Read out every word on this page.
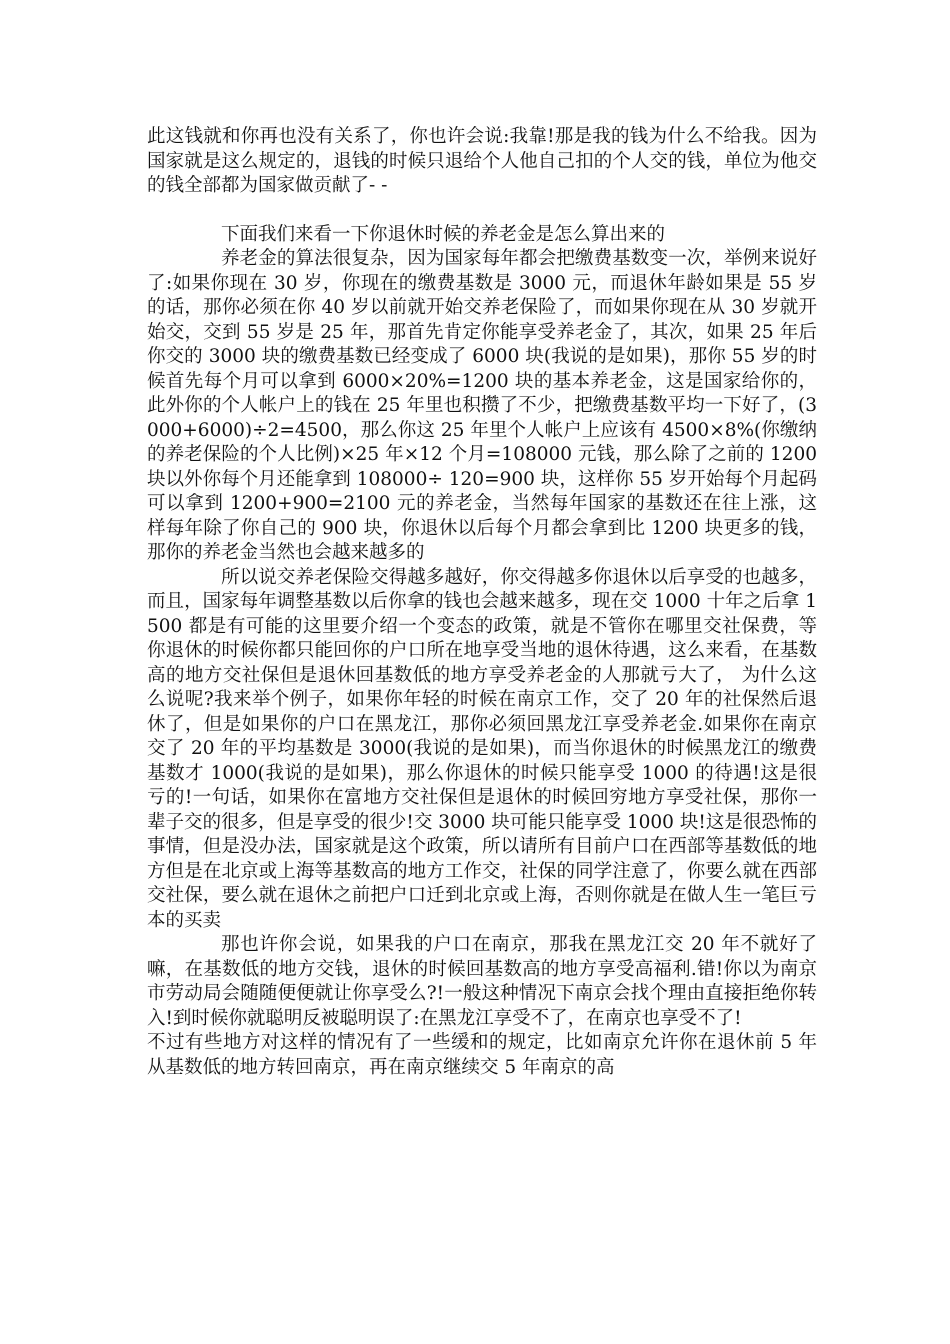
此这钱就和你再也没有关系了，你也许会说:我靠!那是我的钱为什么不给我。因为国家就是这么规定的，退钱的时候只退给个人他自己扣的个人交的钱，单位为他交的钱全部都为国家做贡献了- -

下面我们来看一下你退休时候的养老金是怎么算出来的

养老金的算法很复杂，因为国家每年都会把缴费基数变一次，举例来说好了:如果你现在 30 岁，你现在的缴费基数是 3000 元，而退休年龄如果是 55 岁的话，那你必须在你 40 岁以前就开始交养老保险了，而如果你现在从 30 岁就开始交，交到 55 岁是 25 年，那首先肯定你能享受养老金了，其次，如果 25 年后你交的 3000 块的缴费基数已经变成了 6000 块(我说的是如果)，那你 55 岁的时候首先每个月可以拿到 6000×20%=1200 块的基本养老金，这是国家给你的，此外你的个人帐户上的钱在 25 年里也积攒了不少，把缴费基数平均一下好了，(3000+6000)÷2=4500，那么你这 25 年里个人帐户上应该有 4500×8%(你缴纳的养老保险的个人比例)×25 年×12 个月=108000 元钱，那么除了之前的 1200 块以外你每个月还能拿到 108000÷ 120=900 块，这样你 55 岁开始每个月起码可以拿到 1200+900=2100 元的养老金，当然每年国家的基数还在往上涨，这样每年除了你自己的 900 块，你退休以后每个月都会拿到比 1200 块更多的钱，那你的养老金当然也会越来越多的

所以说交养老保险交得越多越好，你交得越多你退休以后享受的也越多，而且，国家每年调整基数以后你拿的钱也会越来越多，现在交 1000 十年之后拿 1500 都是有可能的这里要介绍一个变态的政策，就是不管你在哪里交社保费，等你退休的时候你都只能回你的户口所在地享受当地的退休待遇，这么来看，在基数高的地方交社保但是退休回基数低的地方享受养老金的人那就亏大了， 为什么这么说呢?我来举个例子，如果你年轻的时候在南京工作，交了 20 年的社保然后退休了，但是如果你的户口在黑龙江，那你必须回黑龙江享受养老金.如果你在南京交了 20 年的平均基数是 3000(我说的是如果)，而当你退休的时候黑龙江的缴费基数才 1000(我说的是如果)，那么你退休的时候只能享受 1000 的待遇!这是很亏的!一句话，如果你在富地方交社保但是退休的时候回穷地方享受社保，那你一辈子交的很多，但是享受的很少!交 3000 块可能只能享受 1000 块!这是很恐怖的事情，但是没办法，国家就是这个政策，所以请所有目前户口在西部等基数低的地方但是在北京或上海等基数高的地方工作交，社保的同学注意了，你要么就在西部交社保，要么就在退休之前把户口迁到北京或上海，否则你就是在做人生一笔巨亏本的买卖

那也许你会说，如果我的户口在南京，那我在黑龙江交 20 年不就好了嘛，在基数低的地方交钱，退休的时候回基数高的地方享受高福利.错!你以为南京市劳动局会随随便便就让你享受么?!一般这种情况下南京会找个理由直接拒绝你转入!到时候你就聪明反被聪明误了:在黑龙江享受不了，在南京也享受不了!

不过有些地方对这样的情况有了一些缓和的规定，比如南京允许你在退休前 5 年从基数低的地方转回南京，再在南京继续交 5 年南京的高
